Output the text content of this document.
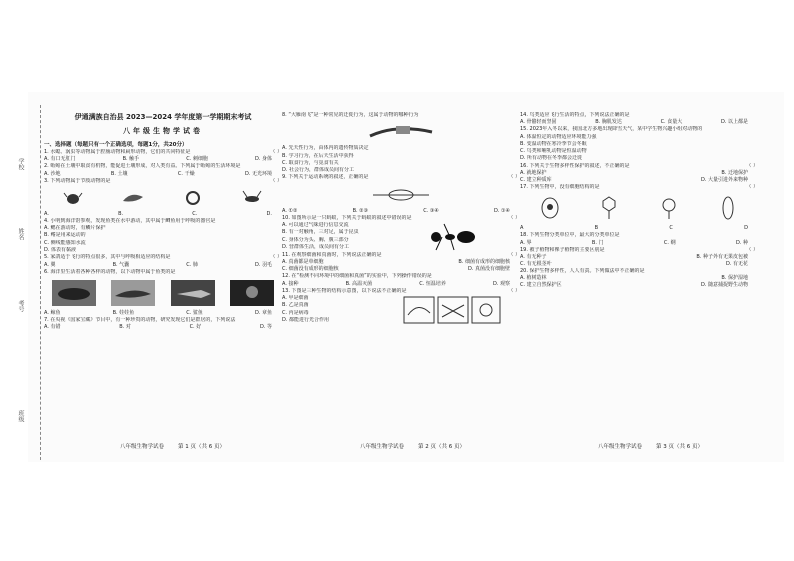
学校
姓名
考号
班级
伊通满族自治县 2023—2024 学年度第一学期期末考试
八年级生物学试卷
一、选择题（每题只有一个正确选项，每题1分，共20分）
1. 水螅、涡虫等动物属于腔肠动物和扁形动物，它们的共同特征是	（ ）
A. 有口无肛门	B. 触手	C. 刺细胞	D. 身体
2. 蚯蚓在土壤中取食有机物，能促进土壤形成，对人类有益。下列属于蚯蚓的生活环境是
A. 沙地	B. 土壤	C. 干燥	D. 无光环境
3. 下列动物属于节肢动物的是	（ ）
A.	B.	C.	D.
4. 小明到海洋馆参观，发现鱼类在水中游动，其中属于鲫鱼用于呼吸的器官是
A. 鳃在游动时，有鳞片保护
B. 鳍是用来运动的
C. 侧线能感知水流
D. 体表有黏液
5. 家鸽适于飞行的特点很多，其中与呼吸相适应的结构是	（ ）
A. 翼	B. 气囊	C. 肺	D. 羽毛
6. 海洋里生活着各种各样的动物，以下动物中属于鱼类的是
A. 鲸鱼	B. 娃娃鱼	C. 鲨鱼	D. 章鱼
7. 在央视《国家宝藏》节目中，有一种珍贵的动物，研究发现它们是群居的，下列说法
A. 有错	B. 对	C. 好	D. 等
8. “大雁南飞”是一种常见的迁徙行为，这属于动物的哪种行为
A. 先天性行为，由体内的遗传物质决定
B. 学习行为，在后天生活中获得
C. 取食行为，与觅食有关
D. 社会行为，群体成员间有分工
9. 下列关于运动系统的叙述，正确的是	（ ）
A. ①②	B. ②③	C. ③④	D. ①④
10. 如图所示是一只蚂蚁，下列关于蚂蚁的叙述中错误的是	（ ）
A. 可以通过气味进行信息交流
B. 有一对触角，三对足，属于昆虫
C. 身体分为头、胸、腹三部分
D. 营群体生活，成员间有分工
11. 在观察细菌和真菌时，下列说法正确的是	（ ）
A. 真菌都是单细胞	B. 细菌有成形的细胞核
C. 细菌没有成形的细胞核	D. 真菌没有细胞壁
12. 在“检测不同环境中的细菌和真菌”的实验中，下列操作错误的是
A. 接种	B. 高温灭菌	C. 恒温培养	D. 观察
13. 下图是三种生物的结构示意图，以下说法不正确的是	（ ）
A. 甲是细菌
B. 乙是真菌
C. 丙是病毒
D. 都能进行光合作用
14. 鸟类适应飞行生活的特点，下列说法正确的是
A. 骨骼轻而坚固	B. 胸肌发达	C. 食量大	D. 以上都是
15. 2023年入冬以来，我国北方多地出现降雪天气，某中学生物兴趣小组对动物的
A. 体温恒定的动物适应环境能力强
B. 变温动物在寒冷季节会冬眠
C. 鸟类和哺乳动物是恒温动物
D. 所有动物在冬季都会迁徙
16. 下列关于生物多样性保护的叙述，不正确的是	（ ）
A. 就地保护	B. 迁地保护
C. 建立种质库	D. 大量引进外来物种
17. 下列生物中，没有细胞结构的是	（ ）
A	B	C	D
18. 下列生物分类单位中，最大的分类单位是
A. 界	B. 门	C. 纲	D. 种
19. 被子植物和裸子植物的主要区别是	（ ）
A. 有无种子	B. 种子外有无果皮包被
C. 有无根茎叶	D. 有无花
20. 保护生物多样性，人人有责。下列做法中不正确的是
A. 植树造林	B. 保护湿地
C. 建立自然保护区	D. 随意捕捉野生动物
八年级生物学试卷	第 1 页（共 6 页）	八年级生物学试卷	第 2 页（共 6 页）	八年级生物学试卷	第 3 页（共 6 页）
